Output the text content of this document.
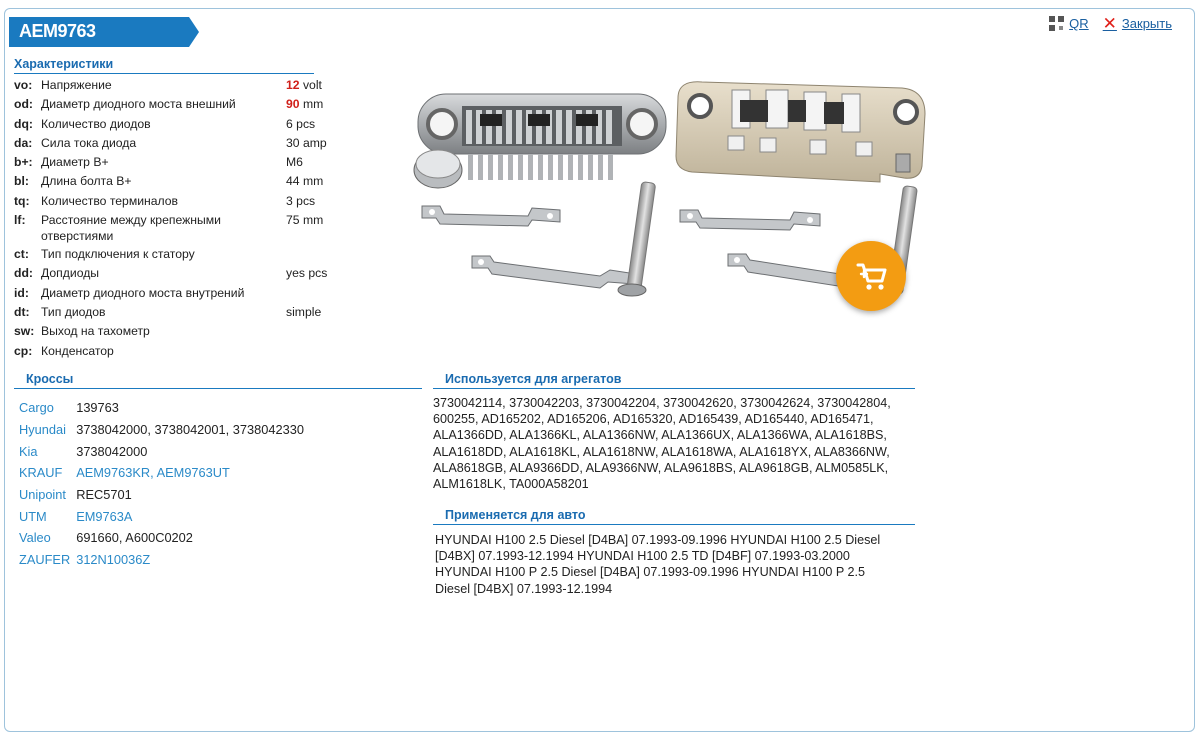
AEM9763	QR ✕ Закрыть
Характеристики
vo:	Напряжение	12 volt
od:	Диаметр диодного моста внешний	90 mm
dq:	Количество диодов	6 pcs
da:	Сила тока диода	30 amp
b+:	Диаметр B+	M6
bl:	Длина болта B+	44 mm
tq:	Количество терминалов	3 pcs
lf:	Расстояние между крепежными отверстиями	75 mm
ct:	Тип подключения к статору	
dd:	Допдиоды	yes pcs
id:	Диаметр диодного моста внутрений	
dt:	Тип диодов	simple
sw:	Выход на тахометр	
cp:	Конденсатор	
Кроссы
Cargo	139763
Hyundai	3738042000, 3738042001, 3738042330
Kia	3738042000
KRAUF	AEM9763KR, AEM9763UT
Unipoint	REC5701
UTM	EM9763A
Valeo	691660, A600C0202
ZAUFER	312N10036Z
Используется для агрегатов
3730042114, 3730042203, 3730042204, 3730042620, 3730042624, 3730042804, 600255, AD165202, AD165206, AD165320, AD165439, AD165440, AD165471, ALA1366DD, ALA1366KL, ALA1366NW, ALA1366UX, ALA1366WA, ALA1618BS, ALA1618DD, ALA1618KL, ALA1618NW, ALA1618WA, ALA1618YX, ALA8366NW, ALA8618GB, ALA9366DD, ALA9366NW, ALA9618BS, ALA9618GB, ALM0585LK, ALM1618LK, TA000A58201
Применяется для авто
HYUNDAI H100 2.5 Diesel [D4BA] 07.1993-09.1996 HYUNDAI H100 2.5 Diesel [D4BX] 07.1993-12.1994 HYUNDAI H100 2.5 TD [D4BF] 07.1993-03.2000 HYUNDAI H100 P 2.5 Diesel [D4BA] 07.1993-09.1996 HYUNDAI H100 P 2.5 Diesel [D4BX] 07.1993-12.1994
